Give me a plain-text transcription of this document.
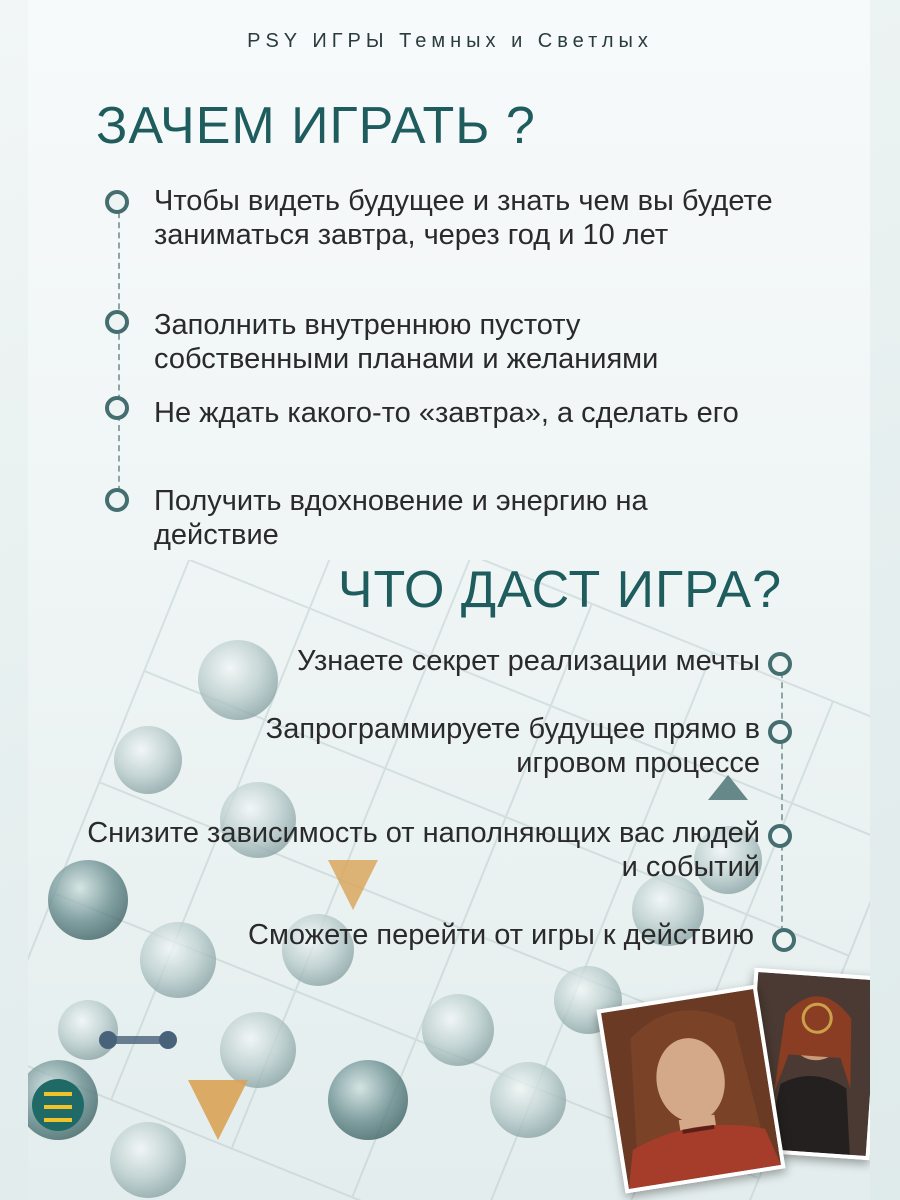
PSY ИГРЫ Темных и Светлых
ЗАЧЕМ ИГРАТЬ ?
Чтобы видеть будущее и знать чем вы будете заниматься завтра, через год и 10 лет
Заполнить внутреннюю пустоту собственными планами и желаниями
Не ждать какого-то «завтра», а сделать его
Получить вдохновение и энергию на действие
ЧТО ДАСТ ИГРА?
Узнаете секрет реализации мечты
Запрограммируете будущее прямо в игровом процессе
Снизите зависимость от наполняющих вас людей и событий
Сможете перейти от игры к действию
